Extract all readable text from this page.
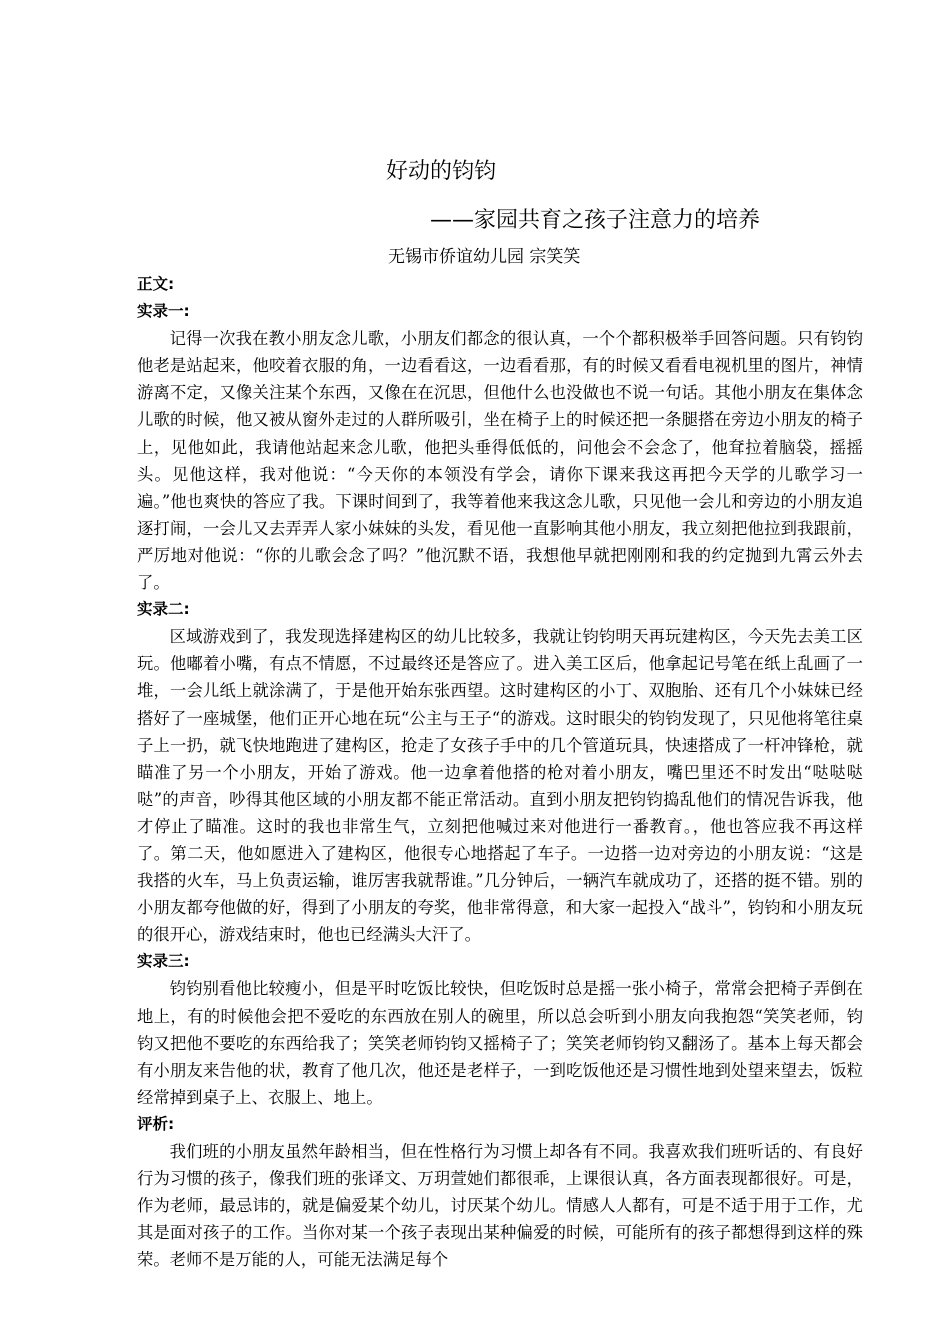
好动的钧钧
——家园共育之孩子注意力的培养
无锡市侨谊幼儿园 宗笑笑
正文:
实录一:

记得一次我在教小朋友念儿歌，小朋友们都念的很认真，一个个都积极举手回答问题。只有钧钧他老是站起来，他咬着衣服的角，一边看看这，一边看看那，有的时候又看看电视机里的图片，神情游离不定，又像关注某个东西，又像在在沉思，但他什么也没做也不说一句话。其他小朋友在集体念儿歌的时候，他又被从窗外走过的人群所吸引，坐在椅子上的时候还把一条腿搭在旁边小朋友的椅子上，见他如此，我请他站起来念儿歌，他把头垂得低低的，问他会不会念了，他耷拉着脑袋，摇摇头。见他这样，我对他说：“今天你的本领没有学会，请你下课来我这再把今天学的儿歌学习一遍。”他也爽快的答应了我。下课时间到了，我等着他来我这念儿歌，只见他一会儿和旁边的小朋友追逐打闹，一会儿又去弄弄人家小妹妹的头发，看见他一直影响其他小朋友，我立刻把他拉到我跟前，严厉地对他说：“你的儿歌会念了吗？”他沉默不语，我想他早就把刚刚和我的约定抛到九霄云外去了。

实录二:

区域游戏到了，我发现选择建构区的幼儿比较多，我就让钧钧明天再玩建构区，今天先去美工区玩。他嘟着小嘴，有点不情愿，不过最终还是答应了。进入美工区后，他拿起记号笔在纸上乱画了一堆，一会儿纸上就涂满了，于是他开始东张西望。这时建构区的小丁、双胞胎、还有几个小妹妹已经搭好了一座城堡，他们正开心地在玩“公主与王子“的游戏。这时眼尖的钧钧发现了，只见他将笔往桌子上一扔，就飞快地跑进了建构区，抢走了女孩子手中的几个管道玩具，快速搭成了一杆冲锋枪，就瞄准了另一个小朋友，开始了游戏。他一边拿着他搭的枪对着小朋友，嘴巴里还不时发出“哒哒哒哒”的声音，吵得其他区域的小朋友都不能正常活动。直到小朋友把钧钧捣乱他们的情况告诉我，他才停止了瞄准。这时的我也非常生气，立刻把他喊过来对他进行一番教育。，他也答应我不再这样了。第二天，他如愿进入了建构区，他很专心地搭起了车子。一边搭一边对旁边的小朋友说：“这是我搭的火车，马上负责运输，谁厉害我就帮谁。”几分钟后，一辆汽车就成功了，还搭的挺不错。别的小朋友都夸他做的好，得到了小朋友的夸奖，他非常得意，和大家一起投入“战斗”，钧钧和小朋友玩的很开心，游戏结束时，他也已经满头大汗了。

实录三:

钧钧别看他比较瘦小，但是平时吃饭比较快，但吃饭时总是摇一张小椅子，常常会把椅子弄倒在地上，有的时候他会把不爱吃的东西放在别人的碗里，所以总会听到小朋友向我抱怨“笑笑老师，钧钧又把他不要吃的东西给我了；笑笑老师钧钧又摇椅子了；笑笑老师钧钧又翻汤了。基本上每天都会有小朋友来告他的状，教育了他几次，他还是老样子，一到吃饭他还是习惯性地到处望来望去，饭粒经常掉到桌子上、衣服上、地上。

评析:

我们班的小朋友虽然年龄相当，但在性格行为习惯上却各有不同。我喜欢我们班听话的、有良好行为习惯的孩子，像我们班的张译文、万玥萱她们都很乖，上课很认真，各方面表现都很好。可是，作为老师，最忌讳的，就是偏爱某个幼儿，讨厌某个幼儿。情感人人都有，可是不适于用于工作，尤其是面对孩子的工作。当你对某一个孩子表现出某种偏爱的时候，可能所有的孩子都想得到这样的殊荣。老师不是万能的人，可能无法满足每个
